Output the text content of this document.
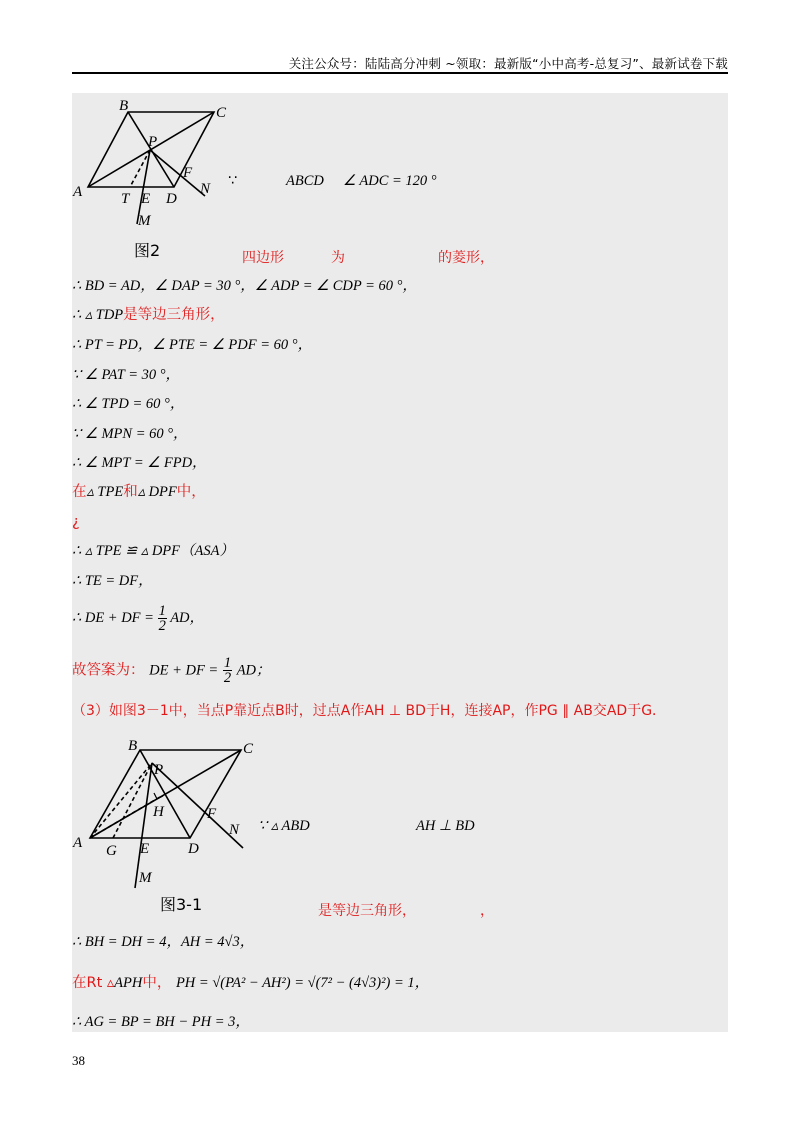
关注公众号：陆陆高分冲刺 ~领取：最新版“小中高考-总复习”、最新试卷下载
B	C
P
A	T E D
F
N
M
∵	ABCD ∠ ADC = 120 °
图2	四边形	为	的菱形，
∴ BD = AD，∠ DAP = 30 °，∠ ADP = ∠ CDP = 60 °，
∴ ▵ TDP是等边三角形，
∴ PT = PD，∠ PTE = ∠ PDF = 60 °，
∵ ∠ PAT = 30 °，
∴ ∠ TPD = 60 °，
∵ ∠ MPN = 60 °，
∴ ∠ MPT = ∠ FPD，
在▵ TPE和▵ DPF中，
¿
∴ ▵ TPE ≌ ▵ DPF（ASA）
∴ TE = DF，
∴ DE + DF = $\frac{1}{2}$ AD，
故答案为： DE + DF = $\frac{1}{2}$ AD；
（3）如图3－1中，当点P靠近点B时，过点A作AH ⊥ BD于H，连接AP，作PG ∥ AB交AD于G．
B	C
P
H
A G E	D
F
N
M
∵ ▵ ABD	AH ⊥ BD
图3-1	是等边三角形，	，
∴ BH = DH = 4，AH = 4√3，
在Rt ▵APH中， PH = √(PA² − AH²) = √(7² − (4√3)²) = 1，
∴ AG = BP = BH − PH = 3，
38
